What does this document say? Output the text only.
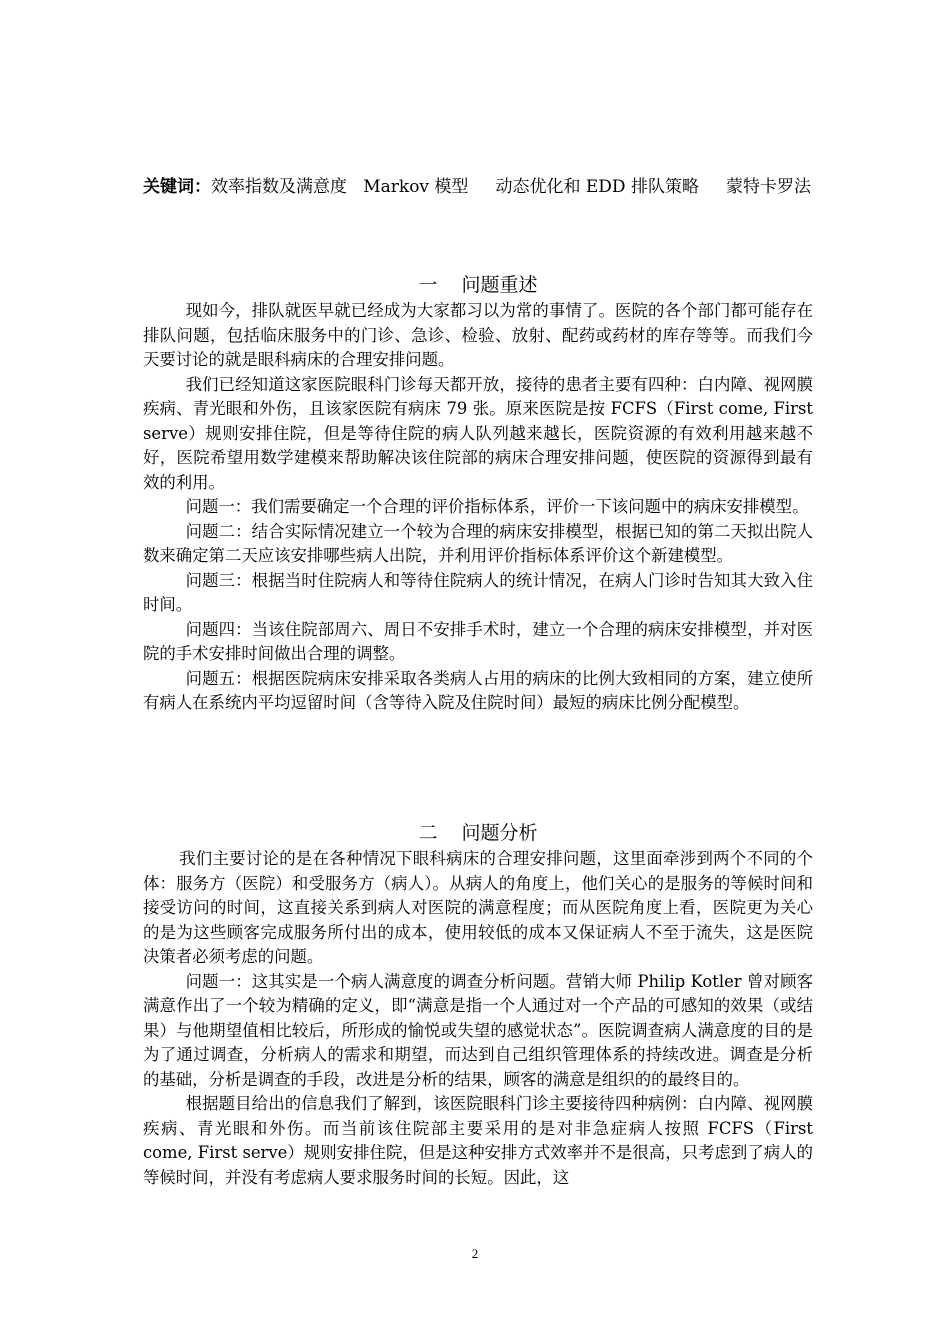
关键词：效率指数及满意度 Markov 模型 动态优化和 EDD 排队策略 蒙特卡罗法
一 问题重述

现如今，排队就医早就已经成为大家都习以为常的事情了。医院的各个部门都可能存在排队问题，包括临床服务中的门诊、急诊、检验、放射、配药或药材的库存等等。而我们今天要讨论的就是眼科病床的合理安排问题。

我们已经知道这家医院眼科门诊每天都开放，接待的患者主要有四种：白内障、视网膜疾病、青光眼和外伤，且该家医院有病床 79 张。原来医院是按 FCFS（First come, First serve）规则安排住院，但是等待住院的病人队列越来越长，医院资源的有效利用越来越不好，医院希望用数学建模来帮助解决该住院部的病床合理安排问题，使医院的资源得到最有效的利用。

问题一：我们需要确定一个合理的评价指标体系，评价一下该问题中的病床安排模型。

问题二：结合实际情况建立一个较为合理的病床安排模型，根据已知的第二天拟出院人数来确定第二天应该安排哪些病人出院，并利用评价指标体系评价这个新建模型。

问题三：根据当时住院病人和等待住院病人的统计情况，在病人门诊时告知其大致入住时间。

问题四：当该住院部周六、周日不安排手术时，建立一个合理的病床安排模型，并对医院的手术安排时间做出合理的调整。

问题五：根据医院病床安排采取各类病人占用的病床的比例大致相同的方案，建立使所有病人在系统内平均逗留时间（含等待入院及住院时间）最短的病床比例分配模型。

二 问题分析

我们主要讨论的是在各种情况下眼科病床的合理安排问题，这里面牵涉到两个不同的个体：服务方（医院）和受服务方（病人）。从病人的角度上，他们关心的是服务的等候时间和接受访问的时间，这直接关系到病人对医院的满意程度；而从医院角度上看，医院更为关心的是为这些顾客完成服务所付出的成本，使用较低的成本又保证病人不至于流失，这是医院决策者必须考虑的问题。

问题一：这其实是一个病人满意度的调查分析问题。营销大师 Philip Kotler 曾对顾客满意作出了一个较为精确的定义，即“满意是指一个人通过对一个产品的可感知的效果（或结果）与他期望值相比较后，所形成的愉悦或失望的感觉状态”。医院调查病人满意度的目的是为了通过调查，分析病人的需求和期望，而达到自己组织管理体系的持续改进。调查是分析的基础，分析是调查的手段，改进是分析的结果，顾客的满意是组织的的最终目的。

根据题目给出的信息我们了解到，该医院眼科门诊主要接待四种病例：白内障、视网膜疾病、青光眼和外伤。而当前该住院部主要采用的是对非急症病人按照 FCFS（First come, First serve）规则安排住院，但是这种安排方式效率并不是很高，只考虑到了病人的等候时间，并没有考虑病人要求服务时间的长短。因此，这

2
